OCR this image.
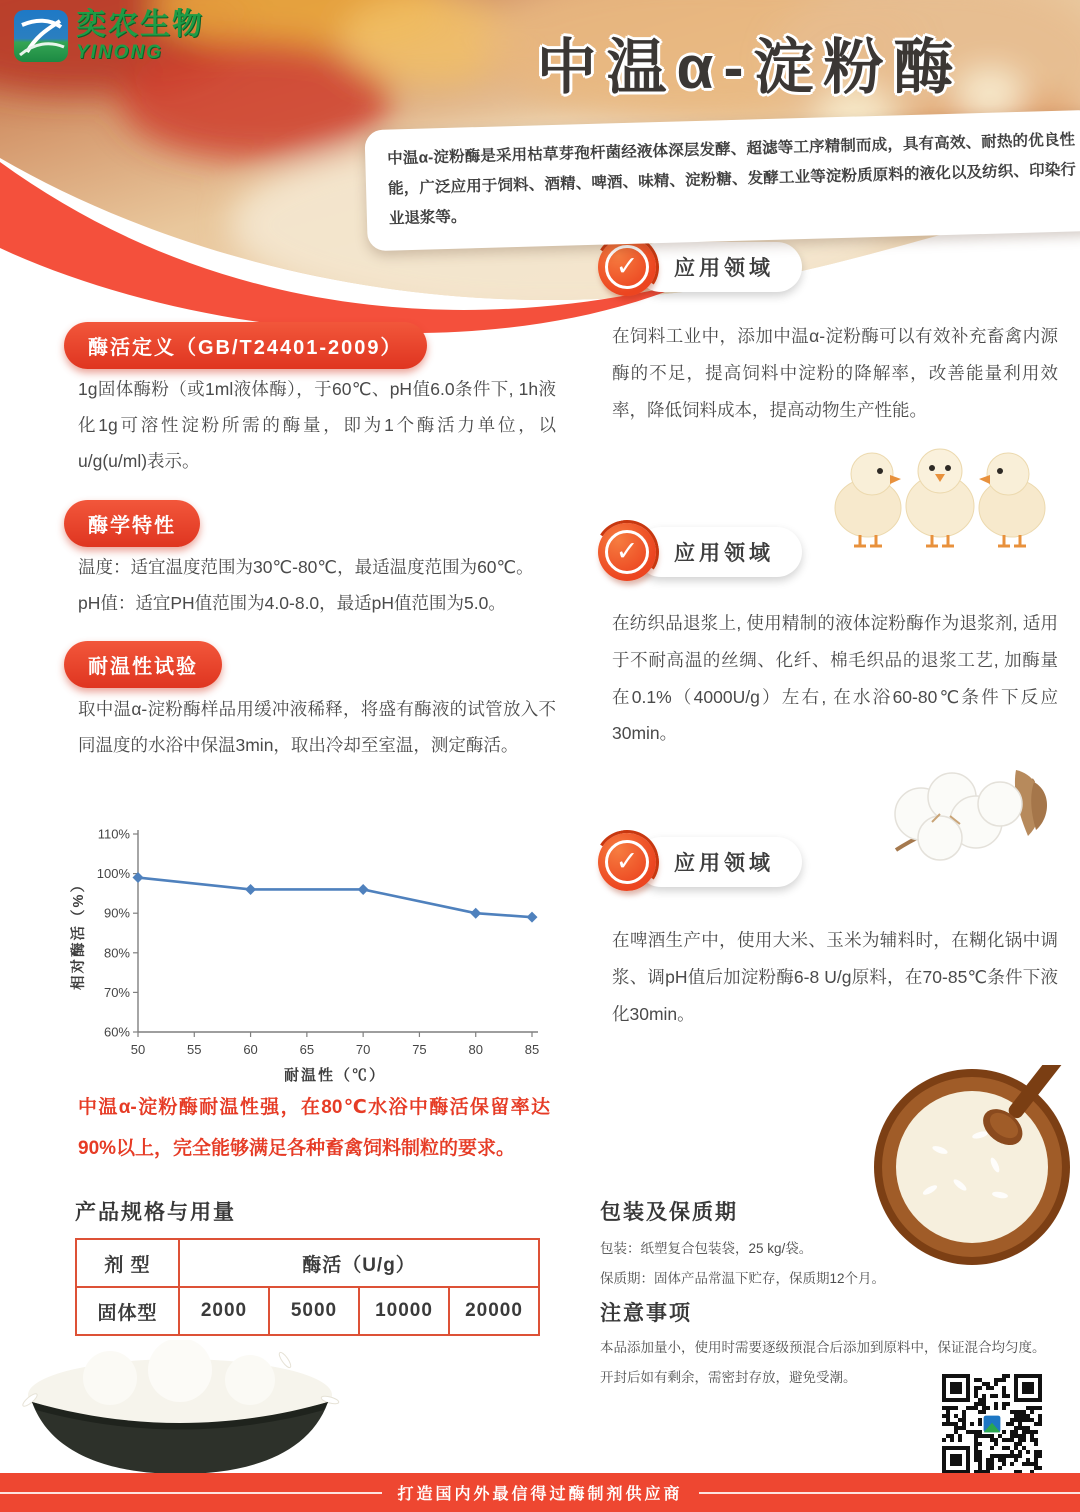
奕农生物
YINONG	中温α-淀粉酶
中温α-淀粉酶是采用枯草芽孢杆菌经液体深层发酵、超滤等工序精制而成，具有高效、耐热的优良性能，广泛应用于饲料、酒精、啤酒、味精、淀粉糖、发酵工业等淀粉质原料的液化以及纺织、印染行业退浆等。
酶活定义（GB/T24401-2009）
1g固体酶粉（或1ml液体酶），于60℃、pH值6.0条件下, 1h液化1g可溶性淀粉所需的酶量，即为1个酶活力单位，以u/g(u/ml)表示。
酶学特性
温度：适宜温度范围为30℃-80℃，最适温度范围为60℃。
pH值：适宜PH值范围为4.0-8.0，最适pH值范围为5.0。
耐温性试验
取中温α-淀粉酶样品用缓冲液稀释，将盛有酶液的试管放入不同温度的水浴中保温3min，取出冷却至室温，测定酶活。
60%
70%
80%
90%
100%
110%
50	55	60	65	70	75	80	85
相对酶活（%）
耐温性（℃）
中温α-淀粉酶耐温性强，在80℃水浴中酶活保留率达90%以上，完全能够满足各种畜禽饲料制粒的要求。
产品规格与用量
剂 型	酶活（U/g）			
固体型	2000	5000	10000	20000
✓	应用领域
在饲料工业中，添加中温α-淀粉酶可以有效补充畜禽内源酶的不足，提高饲料中淀粉的降解率，改善能量利用效率，降低饲料成本，提高动物生产性能。
✓	应用领域
在纺织品退浆上, 使用精制的液体淀粉酶作为退浆剂, 适用于不耐高温的丝绸、化纤、棉毛织品的退浆工艺, 加酶量在0.1%（4000U/g）左右, 在水浴60-80℃条件下反应30min。
✓	应用领域
在啤酒生产中，使用大米、玉米为辅料时，在糊化锅中调浆、调pH值后加淀粉酶6-8 U/g原料，在70-85℃条件下液化30min。
包装及保质期
包装：纸塑复合包装袋，25 kg/袋。
保质期：固体产品常温下贮存，保质期12个月。
注意事项
本品添加量小，使用时需要逐级预混合后添加到原料中，保证混合均匀度。
开封后如有剩余，需密封存放，避免受潮。
打造国内外最信得过酶制剂供应商
